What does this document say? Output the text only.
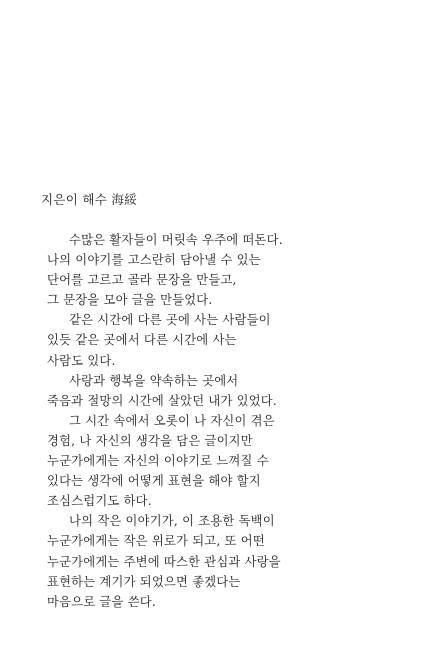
지은이 해수 海綏
수많은 활자들이 머릿속 우주에 떠돈다.
나의 이야기를 고스란히 담아낼 수 있는
단어를 고르고 골라 문장을 만들고,
그 문장을 모아 글을 만들었다.
같은 시간에 다른 곳에 사는 사람들이
있듯 같은 곳에서 다른 시간에 사는
사람도 있다.
사랑과 행복을 약속하는 곳에서
죽음과 절망의 시간에 살았던 내가 있었다.
그 시간 속에서 오롯이 나 자신이 겪은
경험, 나 자신의 생각을 담은 글이지만
누군가에게는 자신의 이야기로 느껴질 수
있다는 생각에 어떻게 표현을 해야 할지
조심스럽기도 하다.
나의 작은 이야기가, 이 조용한 독백이
누군가에게는 작은 위로가 되고, 또 어떤
누군가에게는 주변에 따스한 관심과 사랑을
표현하는 계기가 되었으면 좋겠다는
마음으로 글을 쓴다.
